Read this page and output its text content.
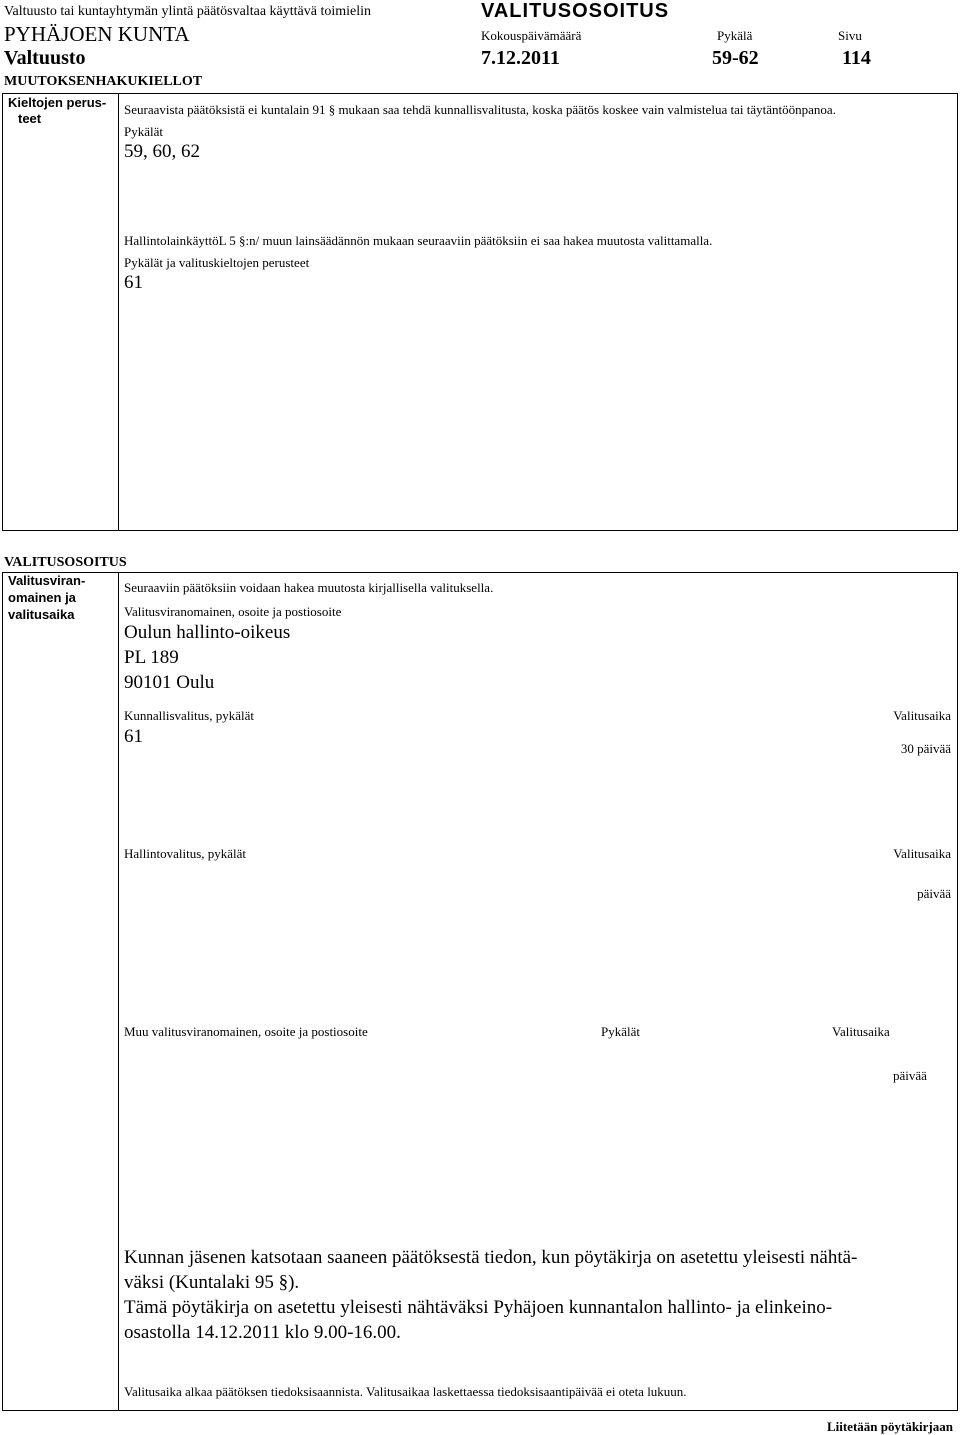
Valtuusto tai kuntayhtymän ylintä päätösvaltaa käyttävä toimielin
PYHÄJOEN KUNTA
Valtuusto
VALITUSOSOITUS
Kokouspäivämäärä	Pykälä	Sivu
7.12.2011	59-62	114
MUUTOKSENHAKUKIELLOT
Kieltojen perus-
teet
Seuraavista päätöksistä ei kuntalain 91 § mukaan saa tehdä kunnallisvalitusta, koska päätös koskee vain valmistelua tai täytäntöönpanoa.
Pykälät
59, 60, 62
HallintolainkäyttöL 5 §:n/ muun lainsäädännön mukaan seuraaviin päätöksiin ei saa hakea muutosta valittamalla.
Pykälät ja valituskieltojen perusteet
61
VALITUSOSOITUS
Valitusviran-
omainen ja
valitusaika
Seuraaviin päätöksiin voidaan hakea muutosta kirjallisella valituksella.
Valitusviranomainen, osoite ja postiosoite
Oulun hallinto-oikeus
PL 189
90101 Oulu
Kunnallisvalitus, pykälät
61
Valitusaika
30 päivää
Hallintovalitus, pykälät	Valitusaika
päivää
Muu valitusviranomainen, osoite ja postiosoite	Pykälät	Valitusaika
päivää
Kunnan jäsenen katsotaan saaneen päätöksestä tiedon, kun pöytäkirja on asetettu yleisesti nähtä-
väksi (Kuntalaki 95 §).
Tämä pöytäkirja on asetettu yleisesti nähtäväksi Pyhäjoen kunnantalon hallinto- ja elinkeino-
osastolla 14.12.2011 klo 9.00-16.00.
Valitusaika alkaa päätöksen tiedoksisaannista. Valitusaikaa laskettaessa tiedoksisaantipäivää ei oteta lukuun.
Liitetään pöytäkirjaan
